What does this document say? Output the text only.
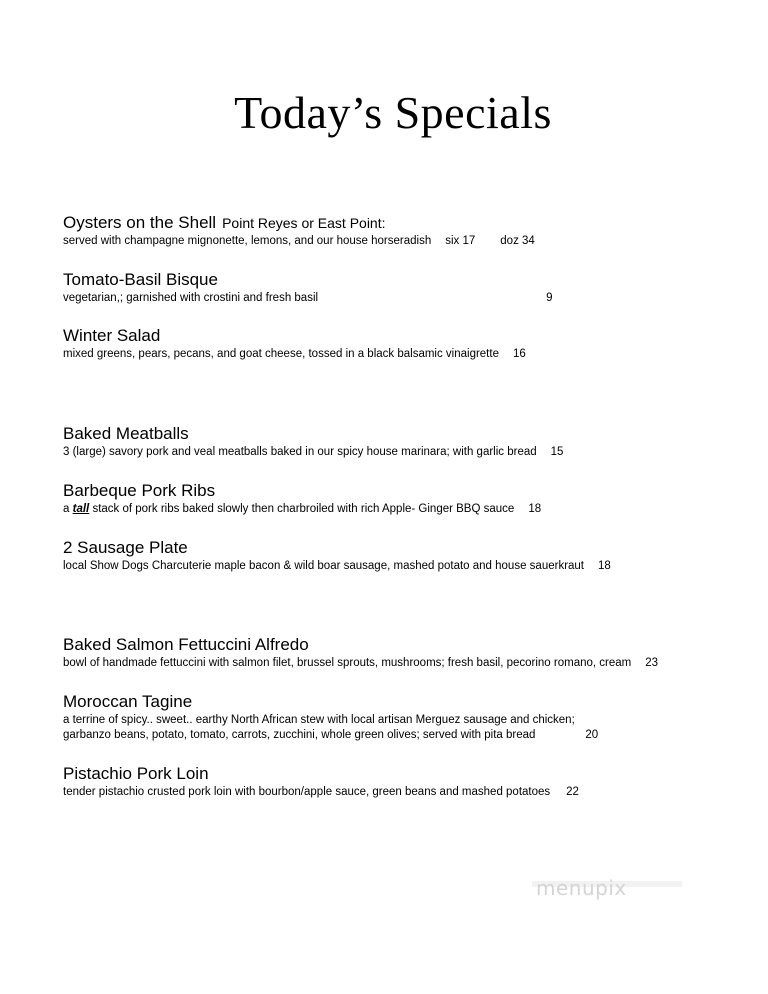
Today’s Specials
Oysters on the Shell Point Reyes or East Point:
served with champagne mignonette, lemons, and our house horseradish six 17 doz 34
Tomato-Basil Bisque
vegetarian,; garnished with crostini and fresh basil	9
Winter Salad
mixed greens, pears, pecans, and goat cheese, tossed in a black balsamic vinaigrette 16
Baked Meatballs
3 (large) savory pork and veal meatballs baked in our spicy house marinara; with garlic bread 15
Barbeque Pork Ribs
a tall stack of pork ribs baked slowly then charbroiled with rich Apple- Ginger BBQ sauce 18
2 Sausage Plate
local Show Dogs Charcuterie maple bacon & wild boar sausage, mashed potato and house sauerkraut 18
Baked Salmon Fettuccini Alfredo
bowl of handmade fettuccini with salmon filet, brussel sprouts, mushrooms; fresh basil, pecorino romano, cream 23
Moroccan Tagine
a terrine of spicy.. sweet.. earthy North African stew with local artisan Merguez sausage and chicken;
garbanzo beans, potato, tomato, carrots, zucchini, whole green olives; served with pita bread	20
Pistachio Pork Loin
tender pistachio crusted pork loin with bourbon/apple sauce, green beans and mashed potatoes 22
menupix
